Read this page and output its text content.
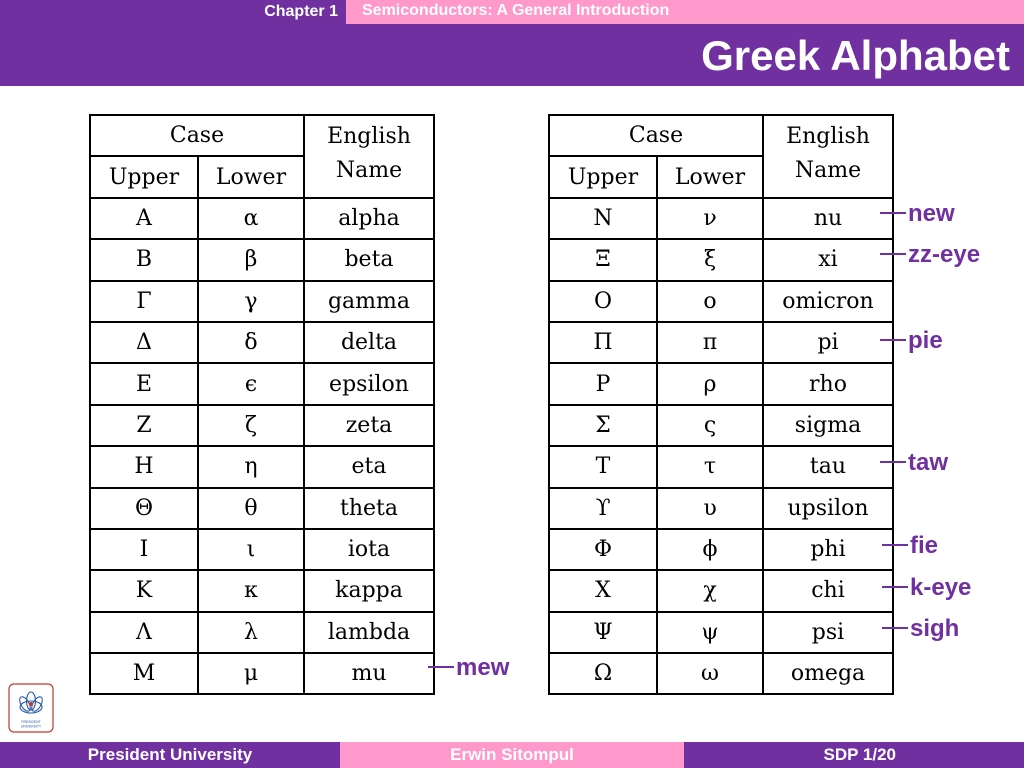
Chapter 1	Semiconductors: A General Introduction
Greek Alphabet
Case		English
Name
Upper	Lower	
Α	α	alpha
Β	β	beta
Γ	γ	gamma
Δ	δ	delta
Ε	ϵ	epsilon
Ζ	ζ	zeta
Η	η	eta
Θ	θ	theta
Ι	ι	iota
Κ	κ	kappa
Λ	λ	lambda
Μ	μ	mu
Case		English
Name
Upper	Lower	
Ν	ν	nu
Ξ	ξ	xi
Ο	ο	omicron
Π	π	pi
Ρ	ρ	rho
Σ	ς	sigma
Τ	τ	tau
ϒ	υ	upsilon
Φ	ϕ	phi
Χ	χ	chi
Ψ	ψ	psi
Ω	ω	omega
mew
new
zz-eye
pie
taw
fie
k-eye
sigh
PRESIDENT
UNIVERSITY
President University	Erwin Sitompul	SDP 1/20
